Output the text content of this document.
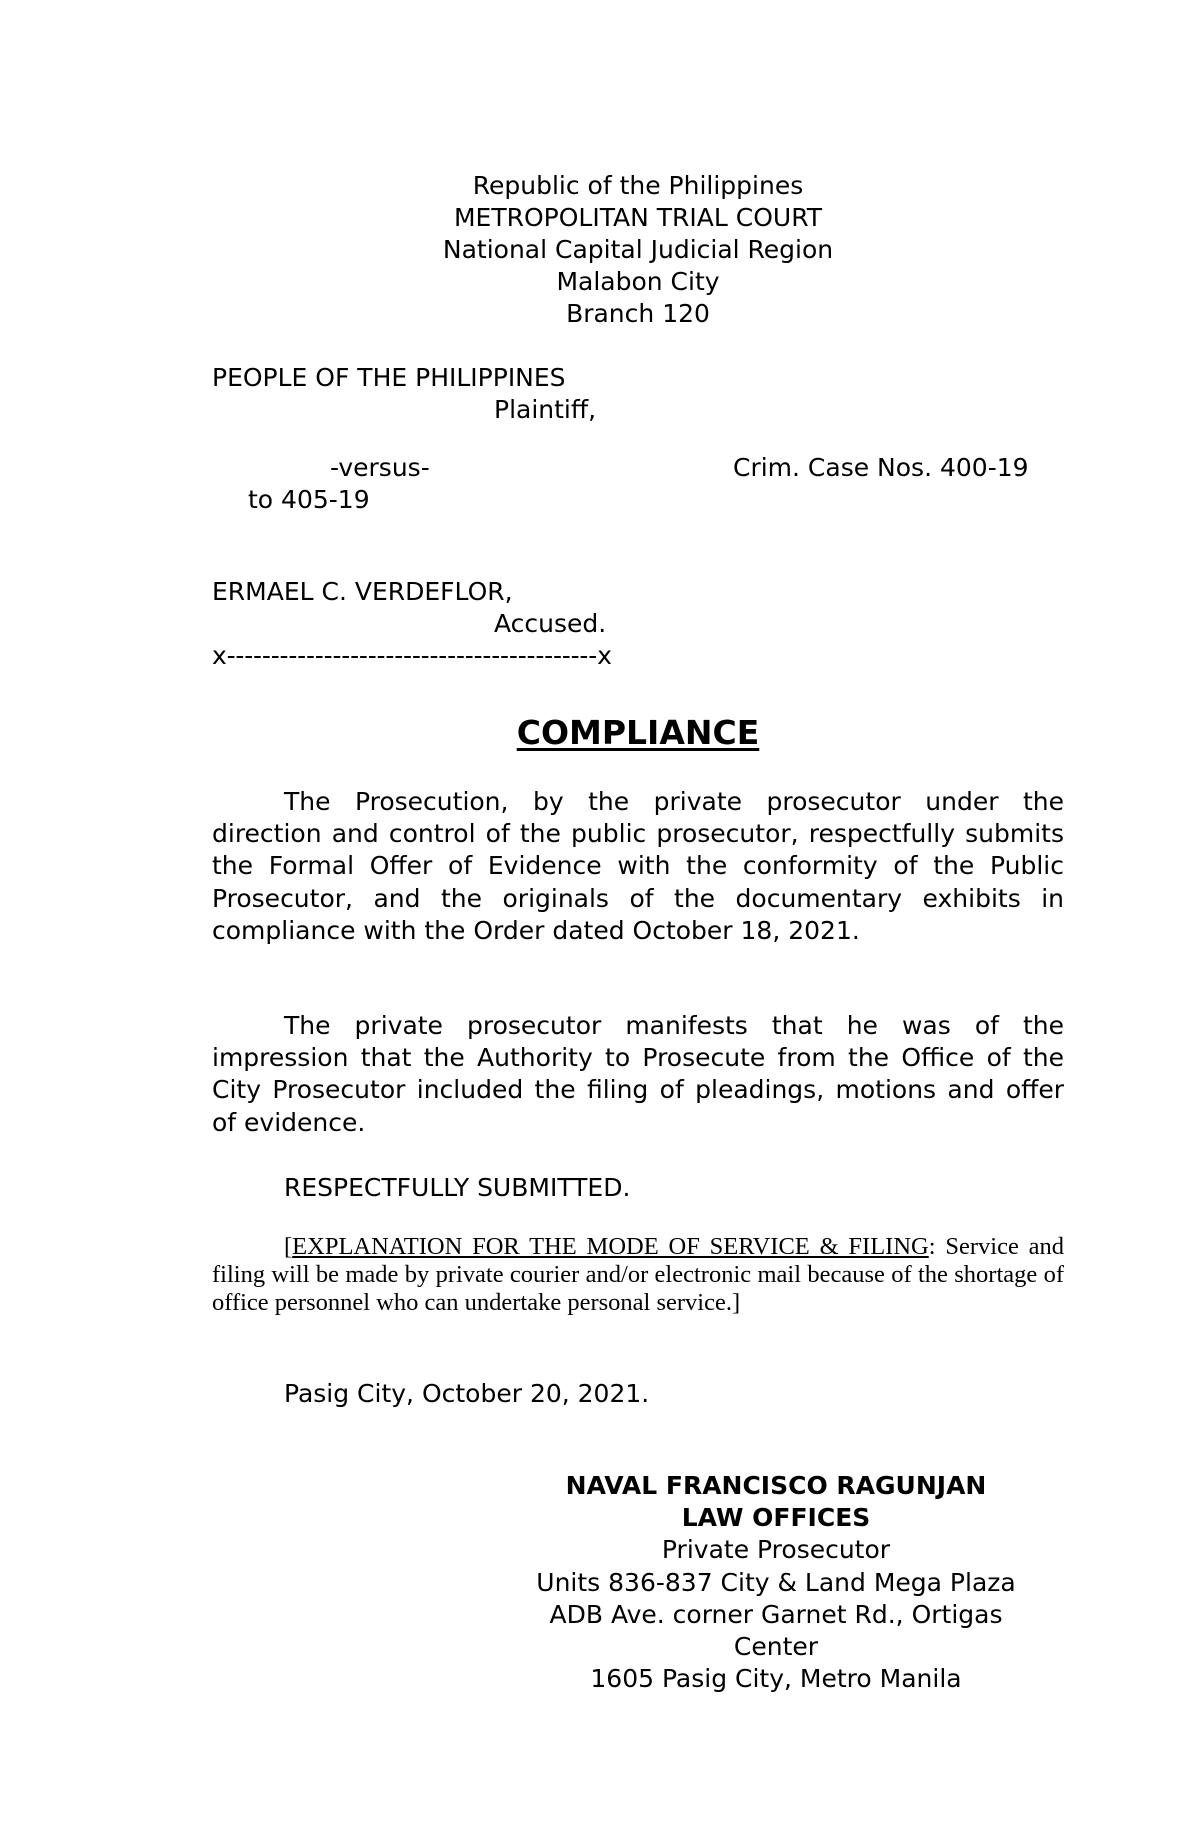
Republic of the Philippines
METROPOLITAN TRIAL COURT
National Capital Judicial Region
Malabon City
Branch 120
PEOPLE OF THE PHILIPPINES
Plaintiff,
-versus-	Crim. Case Nos. 400-19
to 405-19
ERMAEL C. VERDEFLOR,
Accused.
x------------------------------------------x
COMPLIANCE
The Prosecution, by the private prosecutor under the direction and control of the public prosecutor, respectfully submits the Formal Offer of Evidence with the conformity of the Public Prosecutor, and the originals of the documentary exhibits in compliance with the Order dated October 18, 2021.
The private prosecutor manifests that he was of the impression that the Authority to Prosecute from the Office of the City Prosecutor included the filing of pleadings, motions and offer of evidence.
RESPECTFULLY SUBMITTED.
[EXPLANATION FOR THE MODE OF SERVICE & FILING: Service and filing will be made by private courier and/or electronic mail because of the shortage of office personnel who can undertake personal service.]
Pasig City, October 20, 2021.
NAVAL FRANCISCO RAGUNJAN
LAW OFFICES
Private Prosecutor
Units 836-837 City & Land Mega Plaza
ADB Ave. corner Garnet Rd., Ortigas
Center
1605 Pasig City, Metro Manila
